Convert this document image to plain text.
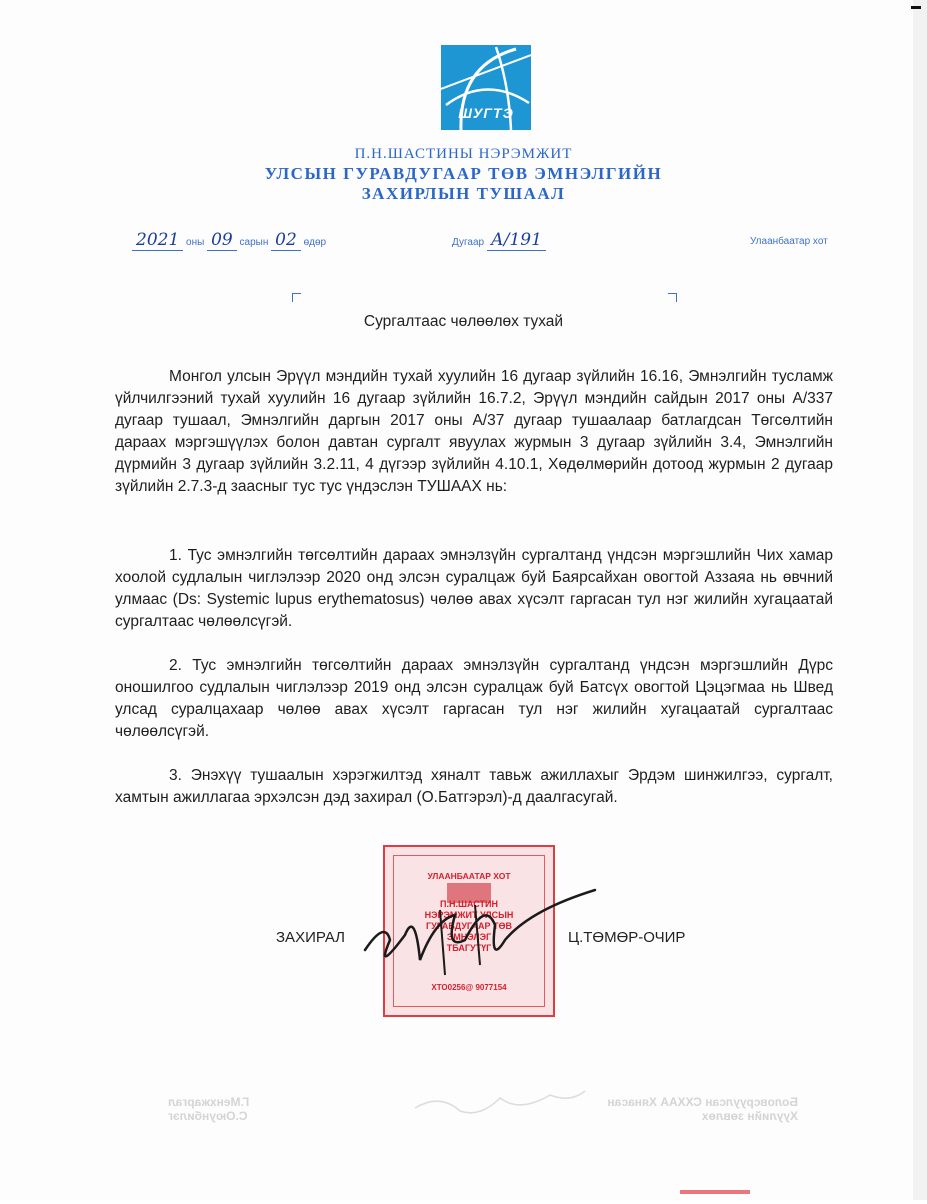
ШУГТЭ
П.Н.ШАСТИНЫ НЭРЭМЖИТ
УЛСЫН ГУРАВДУГААР ТӨВ ЭМНЭЛГИЙН
ЗАХИРЛЫН ТУШААЛ
2021 оны 09 сарын 02 өдөр	Дугаар А/191	Улаанбаатар хот
Сургалтаас чөлөөлөх тухай
Монгол улсын Эрүүл мэндийн тухай хуулийн 16 дугаар зүйлийн 16.16, Эмнэлгийн тусламж үйлчилгээний тухай хуулийн 16 дугаар зүйлийн 16.7.2, Эрүүл мэндийн сайдын 2017 оны А/337 дугаар тушаал, Эмнэлгийн даргын 2017 оны А/37 дугаар тушаалаар батлагдсан Төгсөлтийн дараах мэргэшүүлэх болон давтан сургалт явуулах журмын 3 дугаар зүйлийн 3.4, Эмнэлгийн дүрмийн 3 дугаар зүйлийн 3.2.11, 4 дүгээр зүйлийн 4.10.1, Хөдөлмөрийн дотоод журмын 2 дугаар зүйлийн 2.7.3-д заасныг тус тус үндэслэн ТУШААХ нь:
1. Тус эмнэлгийн төгсөлтийн дараах эмнэлзүйн сургалтанд үндсэн мэргэшлийн Чих хамар хоолой судлалын чиглэлээр 2020 онд элсэн суралцаж буй Баярсайхан овогтой Аззаяа нь өвчний улмаас (Ds: Systemic lupus erythematosus) чөлөө авах хүсэлт гаргасан тул нэг жилийн хугацаатай сургалтаас чөлөөлсүгэй.
2. Тус эмнэлгийн төгсөлтийн дараах эмнэлзүйн сургалтанд үндсэн мэргэшлийн Дүрс оношилгоо судлалын чиглэлээр 2019 онд элсэн суралцаж буй Батсүх овогтой Цэцэгмаа нь Швед улсад суралцахаар чөлөө авах хүсэлт гаргасан тул нэг жилийн хугацаатай сургалтаас чөлөөлсүгэй.
3. Энэхүү тушаалын хэрэгжилтэд хяналт тавьж ажиллахыг Эрдэм шинжилгээ, сургалт, хамтын ажиллагаа эрхэлсэн дэд захирал (О.Батгэрэл)-д даалгасугай.
УЛААНБААТАР ХОТ
П.Н.ШАСТИН
НЭРЭМЖИТ УЛСЫН
ГУРАВДУГААР ТӨВ
ЭМНЭЛЭГ
ТБАГУТҮГ
ХТО0256@ 9077154
ЗАХИРАЛ	Ц.ТӨМӨР-ОЧИР
Г.Менхжаргал С.Оюунбилэг
Боловсруулсан СХХАА Хянасан Хуулийн зөвлөх
